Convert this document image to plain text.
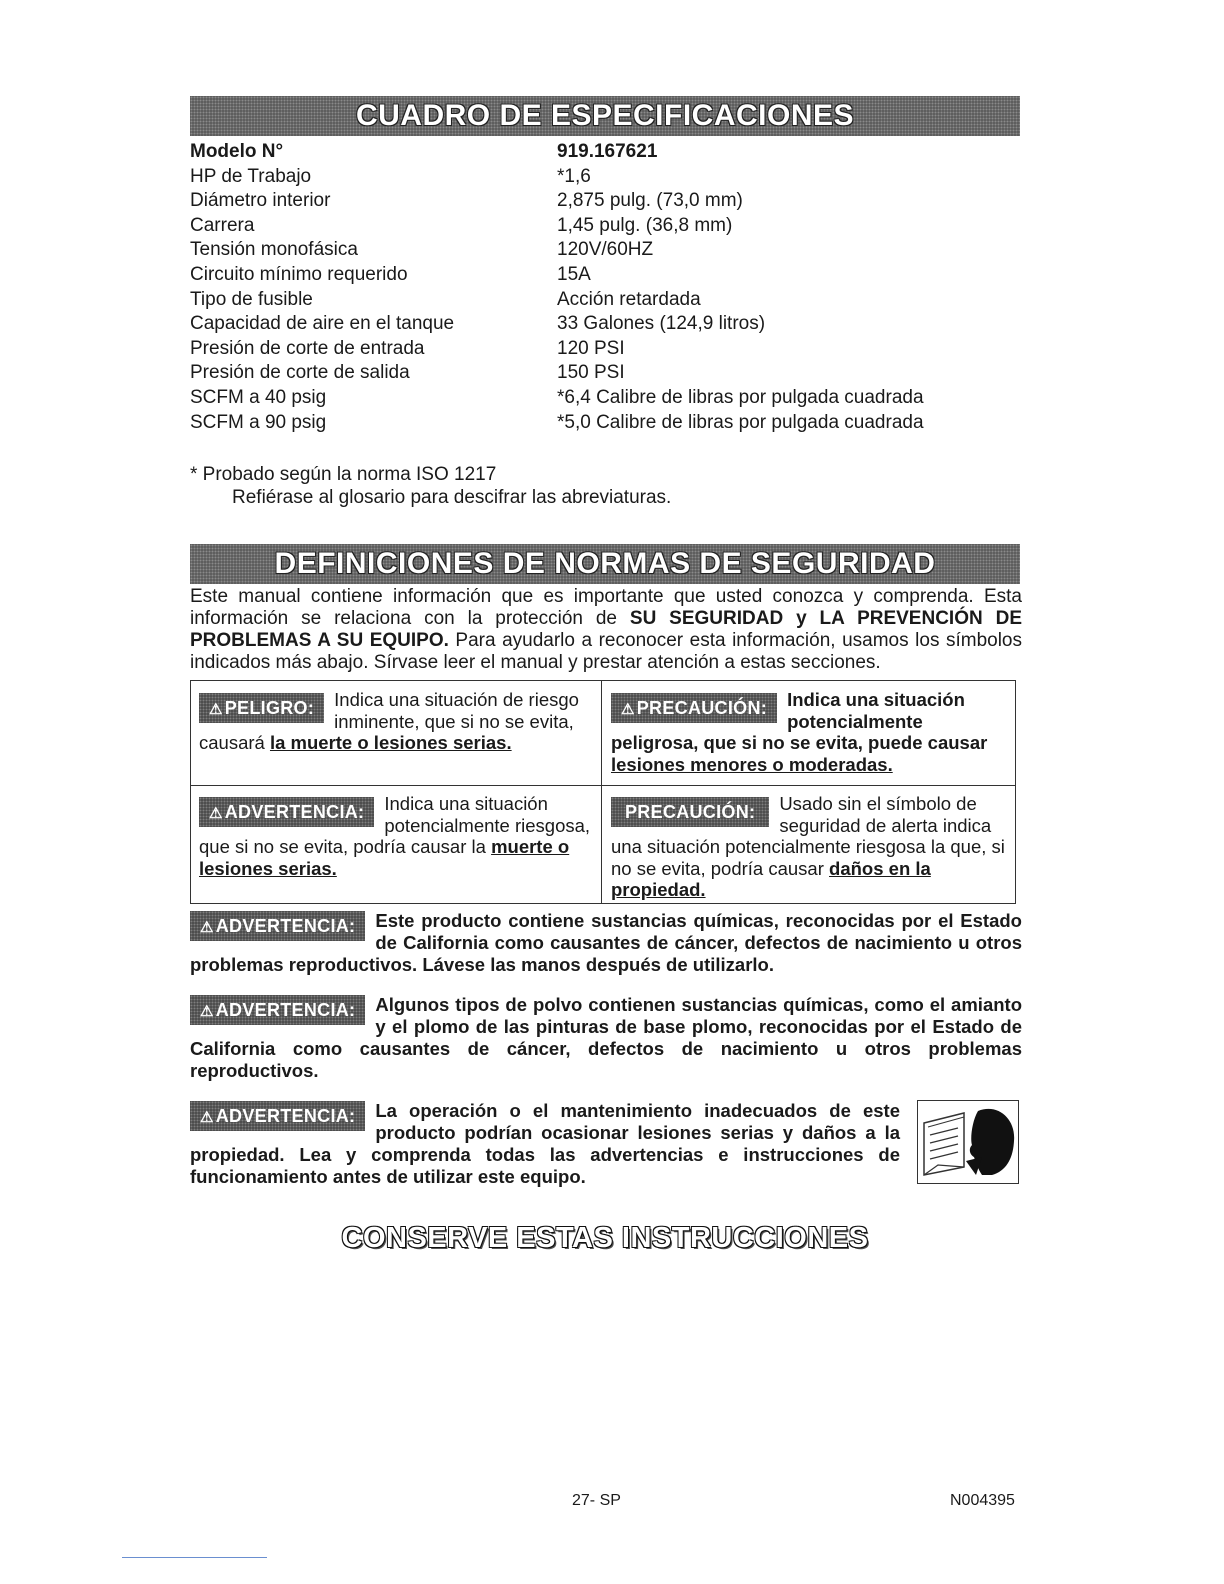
CUADRO DE ESPECIFICACIONES
Modelo N°	919.167621
HP de Trabajo	*1,6
Diámetro interior	2,875 pulg. (73,0 mm)
Carrera	1,45 pulg. (36,8 mm)
Tensión monofásica	120V/60HZ
Circuito mínimo requerido	15A
Tipo de fusible	Acción retardada
Capacidad de aire en el tanque	33 Galones (124,9 litros)
Presión de corte de entrada	120 PSI
Presión de corte de salida	150 PSI
SCFM a 40 psig	*6,4 Calibre de libras por pulgada cuadrada
SCFM a 90 psig	*5,0 Calibre de libras por pulgada cuadrada
* Probado según la norma ISO 1217
Refiérase al glosario para descifrar las abreviaturas.
DEFINICIONES DE NORMAS DE SEGURIDAD
Este manual contiene información que es importante que usted conozca y comprenda. Esta información se relaciona con la protección de SU SEGURIDAD y LA PREVENCIÓN DE PROBLEMAS A SU EQUIPO. Para ayudarlo a reconocer esta información, usamos los símbolos indicados más abajo. Sírvase leer el manual y prestar atención a estas secciones.
⚠ PELIGRO:	Indica una situación de riesgo inminente, que si no se evita, causará la muerte o lesiones serias.
⚠ PRECAUCIÓN:	Indica una situación potencialmente peligrosa, que si no se evita, puede causar lesiones menores o moderadas.
⚠ ADVERTENCIA:	Indica una situación potencialmente riesgosa, que si no se evita, podría causar la muerte o lesiones serias.
PRECAUCIÓN:	Usado sin el símbolo de seguridad de alerta indica una situación potencialmente riesgosa la que, si no se evita, podría causar daños en la propiedad.
⚠ ADVERTENCIA:	Este producto contiene sustancias químicas, reconocidas por el Estado de California como causantes de cáncer, defectos de nacimiento u otros problemas reproductivos. Lávese las manos después de utilizarlo.
⚠ ADVERTENCIA:	Algunos tipos de polvo contienen sustancias químicas, como el amianto y el plomo de las pinturas de base plomo, reconocidas por el Estado de California como causantes de cáncer, defectos de nacimiento u otros problemas reproductivos.
⚠ ADVERTENCIA:	La operación o el mantenimiento inadecuados de este producto podrían ocasionar lesiones serias y daños a la propiedad. Lea y comprenda todas las advertencias e instrucciones de funcionamiento antes de utilizar este equipo.
CONSERVE ESTAS INSTRUCCIONES
27- SP	N004395
